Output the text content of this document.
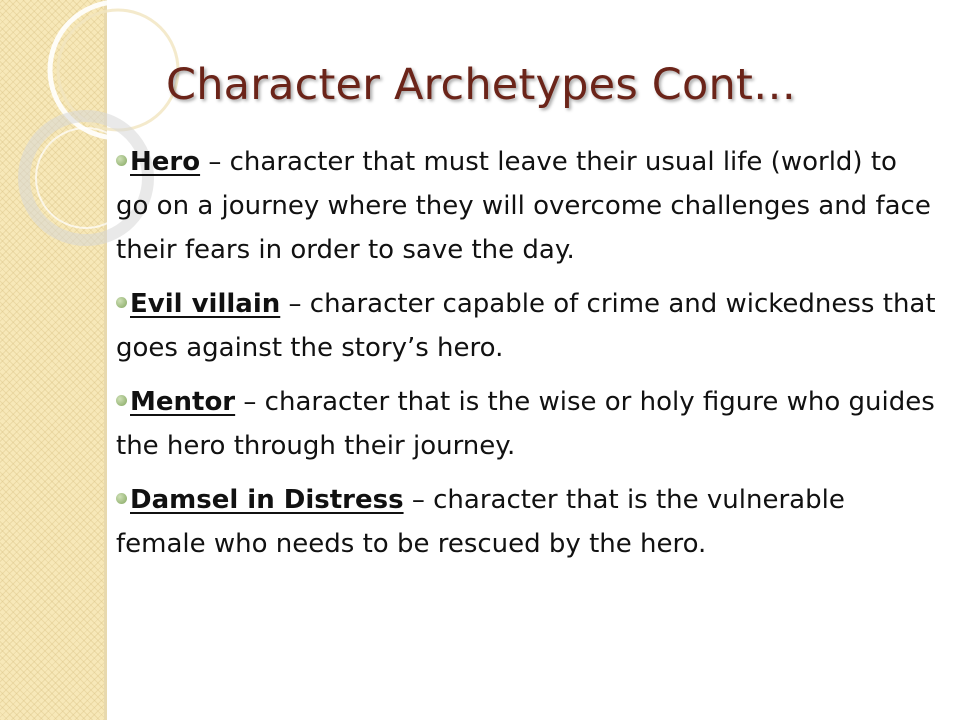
Character Archetypes Cont…
Hero – character that must leave their usual life (world) to go on a journey where they will overcome challenges and face their fears in order to save the day.
Evil villain – character capable of crime and wickedness that goes against the story’s hero.
Mentor – character that is the wise or holy figure who guides the hero through their journey.
Damsel in Distress – character that is the vulnerable female who needs to be rescued by the hero.
